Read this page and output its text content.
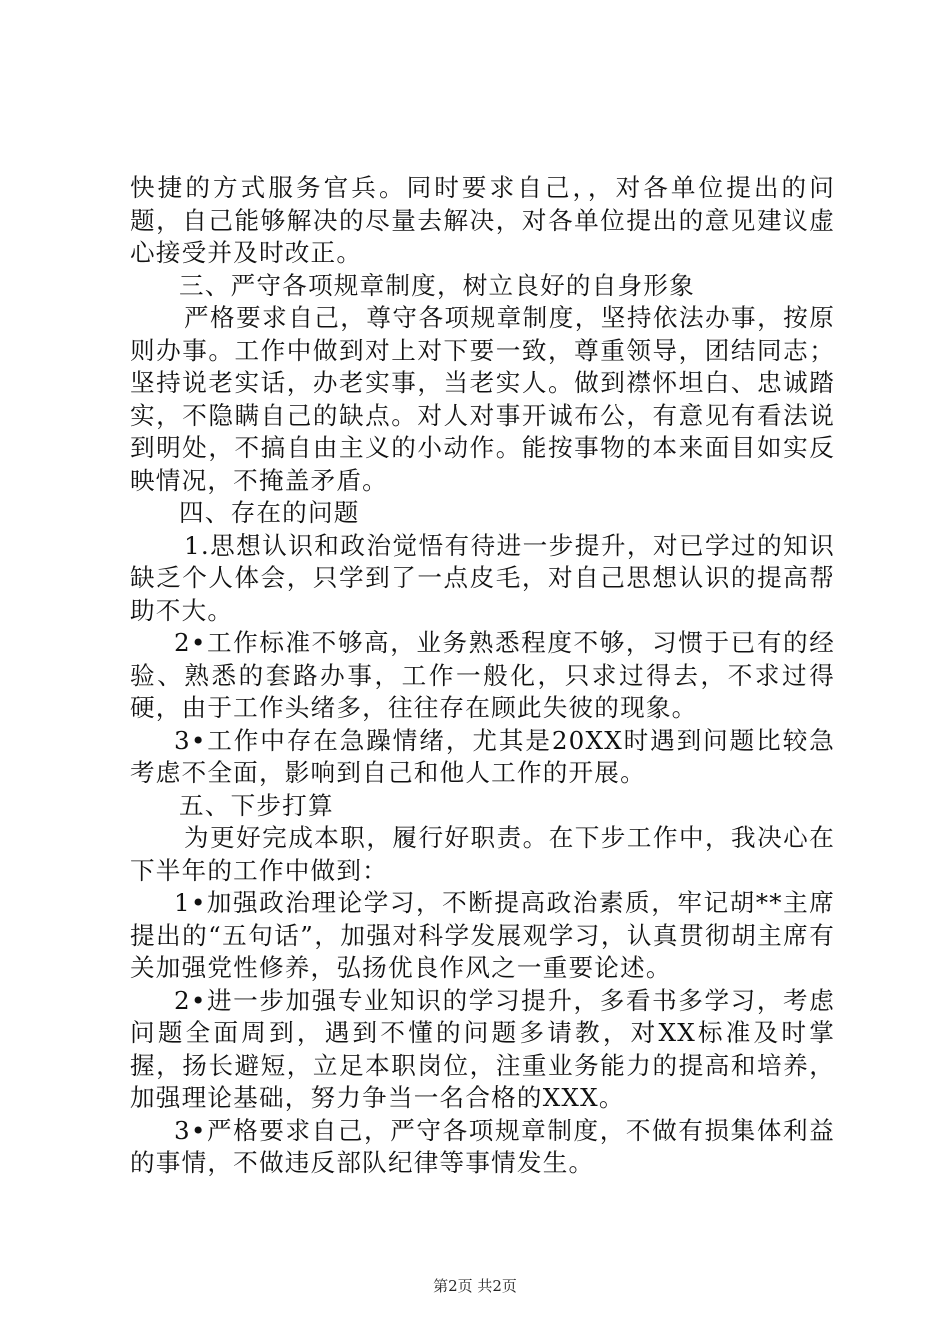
快捷的方式服务官兵。同时要求自己，，对各单位提出的问题，自己能够解决的尽量去解决，对各单位提出的意见建议虚心接受并及时改正。

三、严守各项规章制度，树立良好的自身形象

严格要求自己，尊守各项规章制度，坚持依法办事，按原则办事。工作中做到对上对下要一致，尊重领导，团结同志；坚持说老实话，办老实事，当老实人。做到襟怀坦白、忠诚踏实，不隐瞒自己的缺点。对人对事开诚布公，有意见有看法说到明处，不搞自由主义的小动作。能按事物的本来面目如实反映情况，不掩盖矛盾。

四、存在的问题

1.思想认识和政治觉悟有待进一步提升，对已学过的知识缺乏个人体会，只学到了一点皮毛，对自己思想认识的提高帮助不大。

2•工作标准不够高，业务熟悉程度不够，习惯于已有的经验、熟悉的套路办事，工作一般化，只求过得去，不求过得硬，由于工作头绪多，往往存在顾此失彼的现象。

3•工作中存在急躁情绪，尤其是20XX时遇到问题比较急考虑不全面，影响到自己和他人工作的开展。

五、下步打算

为更好完成本职，履行好职责。在下步工作中，我决心在下半年的工作中做到：

1•加强政治理论学习，不断提高政治素质，牢记胡**主席提出的“五句话”，加强对科学发展观学习，认真贯彻胡主席有关加强党性修养，弘扬优良作风之一重要论述。

2•进一步加强专业知识的学习提升，多看书多学习，考虑问题全面周到，遇到不懂的问题多请教，对XX标准及时掌握，扬长避短，立足本职岗位，注重业务能力的提高和培养，加强理论基础，努力争当一名合格的XXX。

3•严格要求自己，严守各项规章制度，不做有损集体利益的事情，不做违反部队纪律等事情发生。

第2页 共2页
